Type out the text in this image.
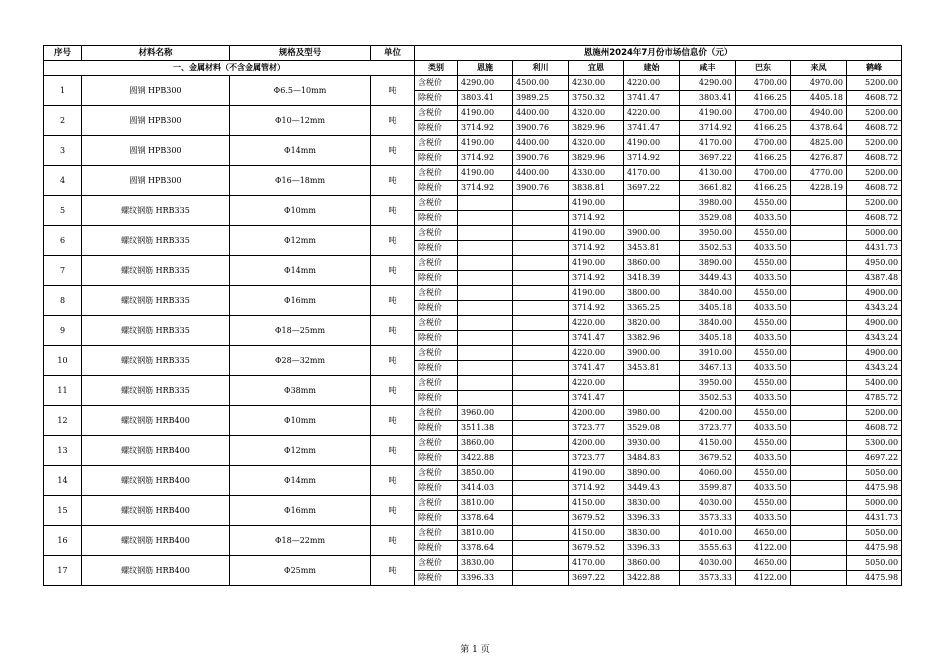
序号	材料名称	规格及型号	单位	恩施州2024年7月份市场信息价（元）								
一、金属材料（不含金属管材）				类别	恩施	利川	宜恩	建始	咸丰	巴东	来凤	鹤峰
1	圆钢 HPB300	Φ6.5—10mm	吨	含税价	4290.00	4500.00	4230.00	4220.00	4290.00	4700.00	4970.00	5200.00
				除税价	3803.41	3989.25	3750.32	3741.47	3803.41	4166.25	4405.18	4608.72
2	圆钢 HPB300	Φ10—12mm	吨	含税价	4190.00	4400.00	4320.00	4220.00	4190.00	4700.00	4940.00	5200.00
				除税价	3714.92	3900.76	3829.96	3741.47	3714.92	4166.25	4378.64	4608.72
3	圆钢 HPB300	Φ14mm	吨	含税价	4190.00	4400.00	4320.00	4190.00	4170.00	4700.00	4825.00	5200.00
				除税价	3714.92	3900.76	3829.96	3714.92	3697.22	4166.25	4276.87	4608.72
4	圆钢 HPB300	Φ16—18mm	吨	含税价	4190.00	4400.00	4330.00	4170.00	4130.00	4700.00	4770.00	5200.00
				除税价	3714.92	3900.76	3838.81	3697.22	3661.82	4166.25	4228.19	4608.72
5	螺纹钢筋 HRB335	Φ10mm	吨	含税价			4190.00		3980.00	4550.00		5200.00
				除税价			3714.92		3529.08	4033.50		4608.72
6	螺纹钢筋 HRB335	Φ12mm	吨	含税价			4190.00	3900.00	3950.00	4550.00		5000.00
				除税价			3714.92	3453.81	3502.53	4033.50		4431.73
7	螺纹钢筋 HRB335	Φ14mm	吨	含税价			4190.00	3860.00	3890.00	4550.00		4950.00
				除税价			3714.92	3418.39	3449.43	4033.50		4387.48
8	螺纹钢筋 HRB335	Φ16mm	吨	含税价			4190.00	3800.00	3840.00	4550.00		4900.00
				除税价			3714.92	3365.25	3405.18	4033.50		4343.24
9	螺纹钢筋 HRB335	Φ18—25mm	吨	含税价			4220.00	3820.00	3840.00	4550.00		4900.00
				除税价			3741.47	3382.96	3405.18	4033.50		4343.24
10	螺纹钢筋 HRB335	Φ28—32mm	吨	含税价			4220.00	3900.00	3910.00	4550.00		4900.00
				除税价			3741.47	3453.81	3467.13	4033.50		4343.24
11	螺纹钢筋 HRB335	Φ38mm	吨	含税价			4220.00		3950.00	4550.00		5400.00
				除税价			3741.47		3502.53	4033.50		4785.72
12	螺纹钢筋 HRB400	Φ10mm	吨	含税价	3960.00		4200.00	3980.00	4200.00	4550.00		5200.00
				除税价	3511.38		3723.77	3529.08	3723.77	4033.50		4608.72
13	螺纹钢筋 HRB400	Φ12mm	吨	含税价	3860.00		4200.00	3930.00	4150.00	4550.00		5300.00
				除税价	3422.88		3723.77	3484.83	3679.52	4033.50		4697.22
14	螺纹钢筋 HRB400	Φ14mm	吨	含税价	3850.00		4190.00	3890.00	4060.00	4550.00		5050.00
				除税价	3414.03		3714.92	3449.43	3599.87	4033.50		4475.98
15	螺纹钢筋 HRB400	Φ16mm	吨	含税价	3810.00		4150.00	3830.00	4030.00	4550.00		5000.00
				除税价	3378.64		3679.52	3396.33	3573.33	4033.50		4431.73
16	螺纹钢筋 HRB400	Φ18—22mm	吨	含税价	3810.00		4150.00	3830.00	4010.00	4650.00		5050.00
				除税价	3378.64		3679.52	3396.33	3555.63	4122.00		4475.98
17	螺纹钢筋 HRB400	Φ25mm	吨	含税价	3830.00		4170.00	3860.00	4030.00	4650.00		5050.00
				除税价	3396.33		3697.22	3422.88	3573.33	4122.00		4475.98
第 1 页
